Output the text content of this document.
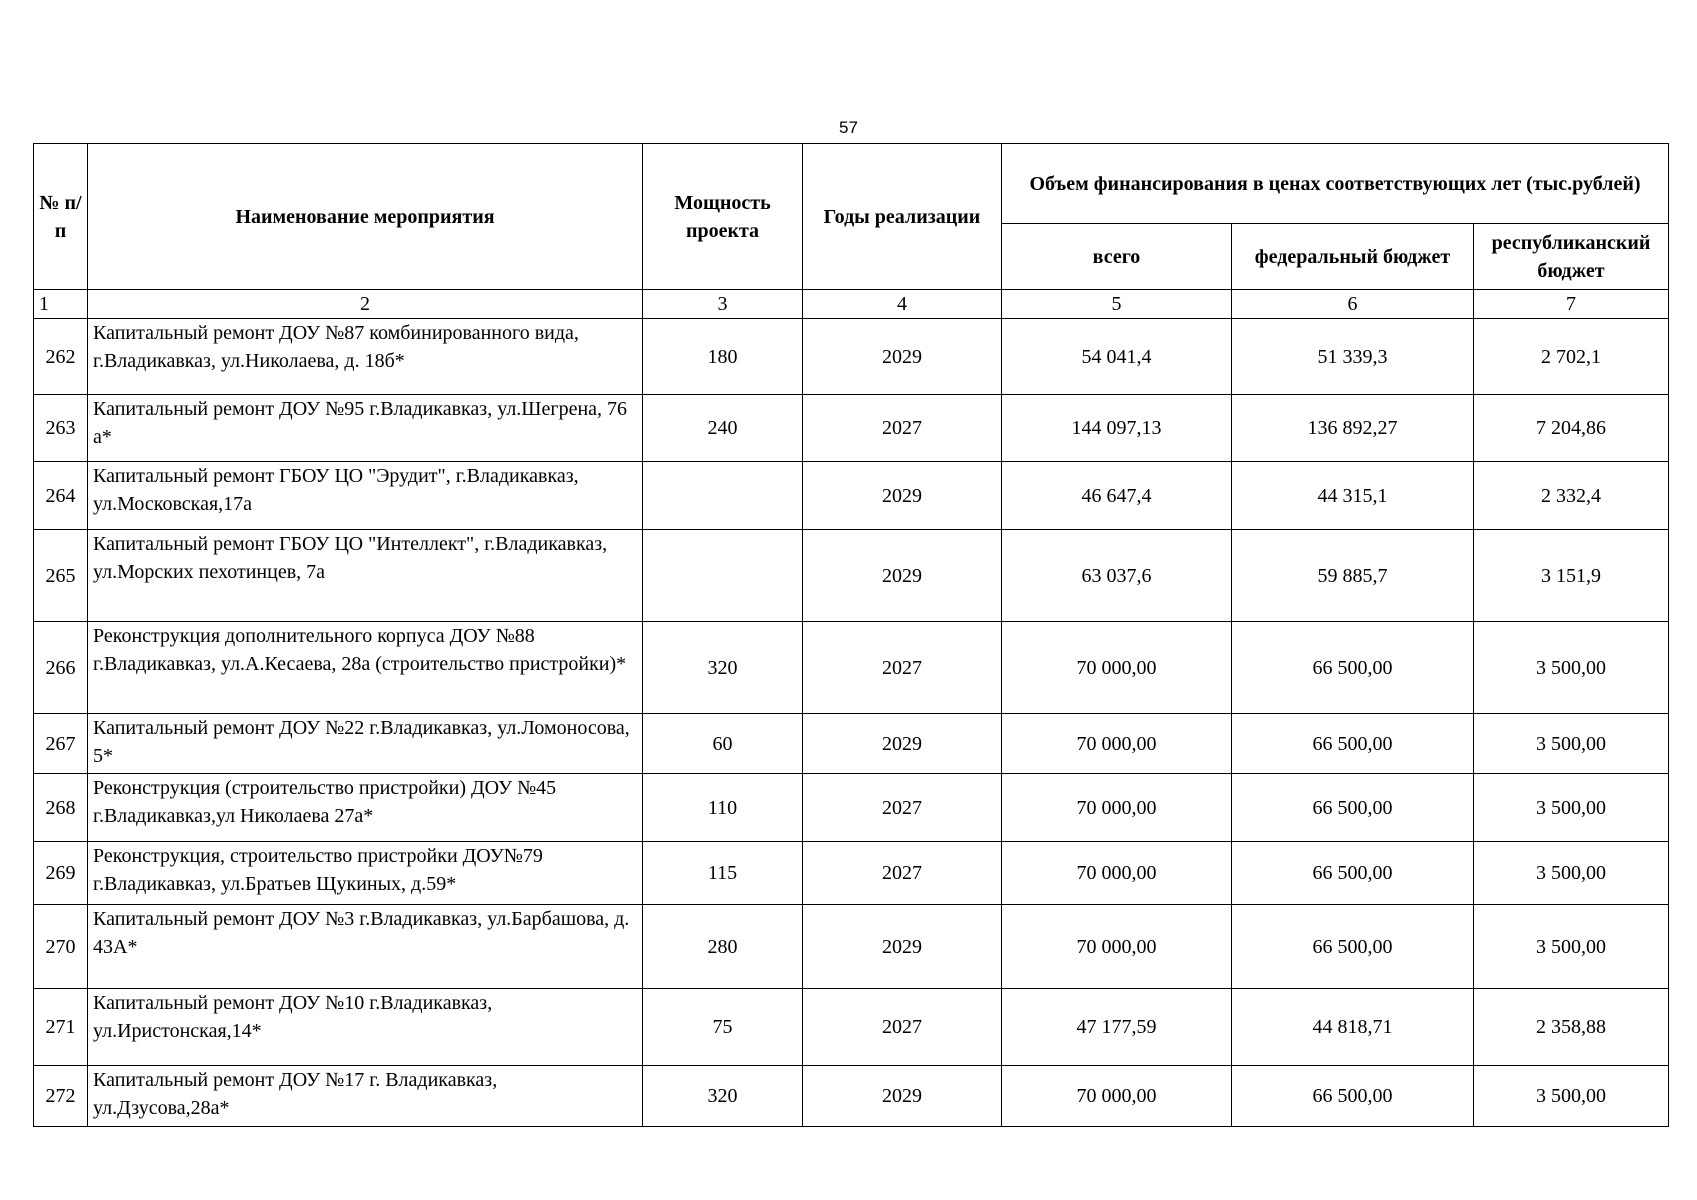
57
№ п/п	Наименование мероприятия	Мощность проекта	Годы реализации	Объем финансирования в ценах соответствующих лет (тыс.рублей)		
				всего	федеральный бюджет	республиканский бюджет
1	2	3	4	5	6	7
262	Капитальный ремонт ДОУ №87 комбинированного вида, г.Владикавказ, ул.Николаева, д. 18б*	180	2029	54 041,4	51 339,3	2 702,1
263	Капитальный ремонт ДОУ №95 г.Владикавказ, ул.Шегрена, 76 а*	240	2027	144 097,13	136 892,27	7 204,86
264	Капитальный ремонт ГБОУ ЦО "Эрудит", г.Владикавказ, ул.Московская,17а		2029	46 647,4	44 315,1	2 332,4
265	Капитальный ремонт ГБОУ ЦО "Интеллект", г.Владикавказ, ул.Морских пехотинцев, 7а		2029	63 037,6	59 885,7	3 151,9
266	Реконструкция дополнительного корпуса ДОУ №88 г.Владикавказ, ул.А.Кесаева, 28а (строительство пристройки)*	320	2027	70 000,00	66 500,00	3 500,00
267	Капитальный ремонт ДОУ №22 г.Владикавказ, ул.Ломоносова, 5*	60	2029	70 000,00	66 500,00	3 500,00
268	Реконструкция (строительство пристройки) ДОУ №45 г.Владикавказ,ул Николаева 27а*	110	2027	70 000,00	66 500,00	3 500,00
269	Реконструкция, строительство пристройки ДОУ№79 г.Владикавказ, ул.Братьев Щукиных, д.59*	115	2027	70 000,00	66 500,00	3 500,00
270	Капитальный ремонт ДОУ №3 г.Владикавказ, ул.Барбашова, д. 43А*	280	2029	70 000,00	66 500,00	3 500,00
271	Капитальный ремонт ДОУ №10 г.Владикавказ, ул.Иристонская,14*	75	2027	47 177,59	44 818,71	2 358,88
272	Капитальный ремонт ДОУ №17 г. Владикавказ, ул.Дзусова,28а*	320	2029	70 000,00	66 500,00	3 500,00
